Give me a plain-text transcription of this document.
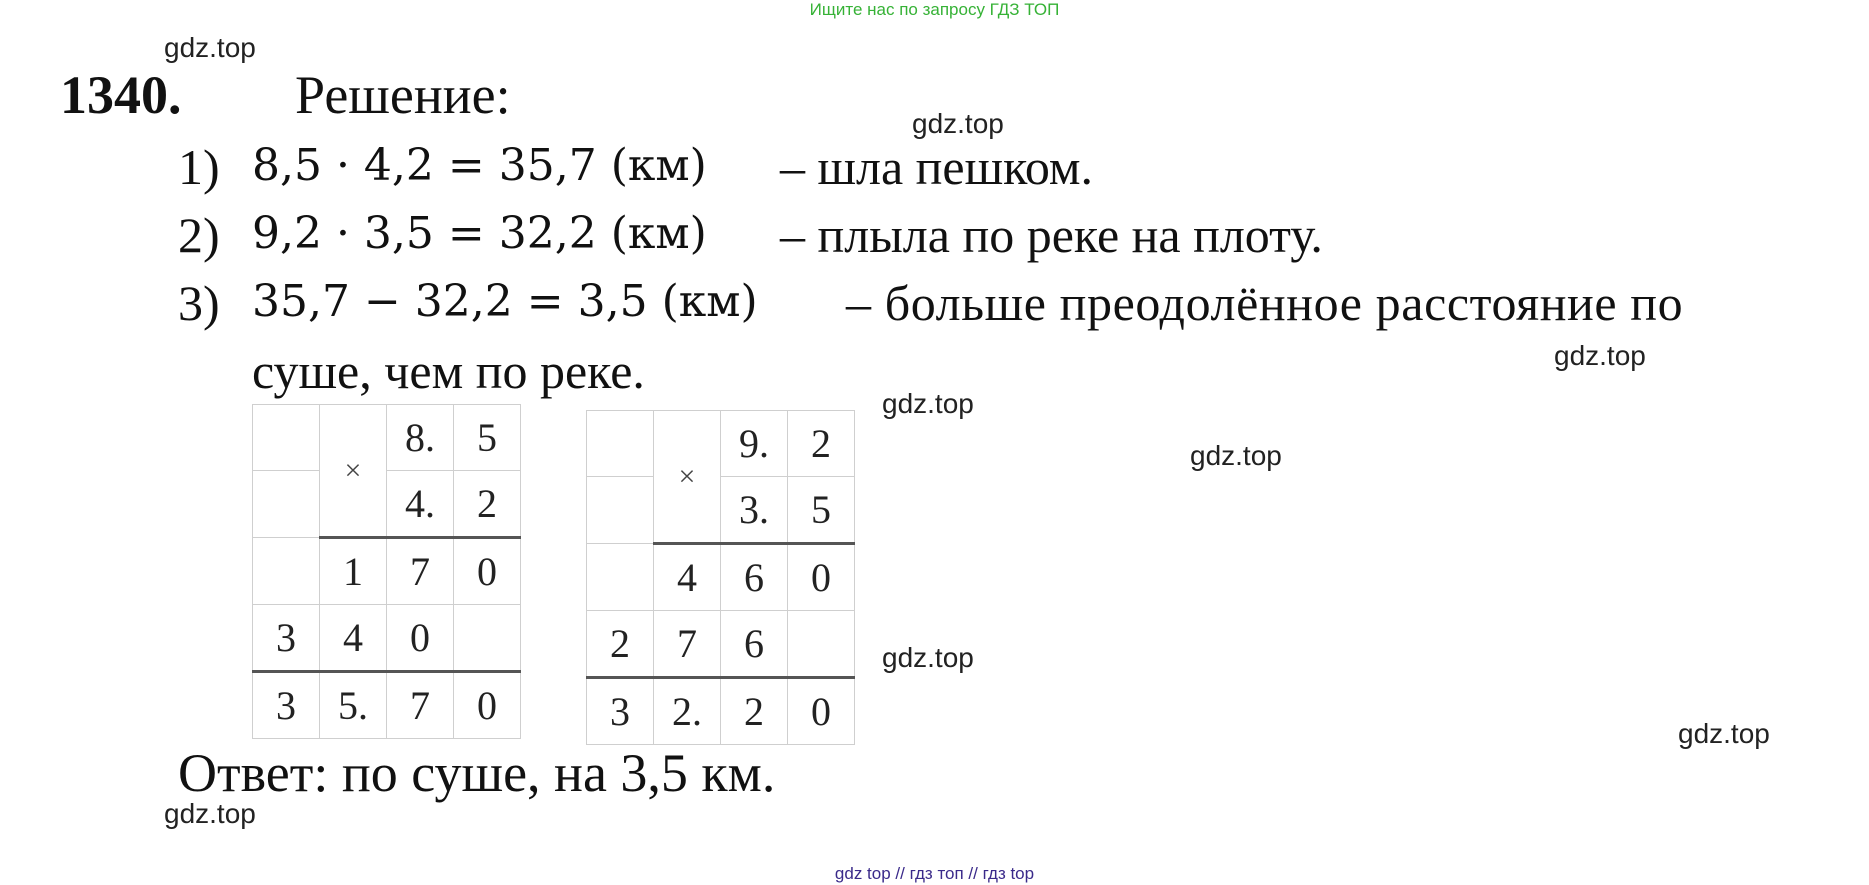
Ищите нас по запросу ГДЗ ТОП
gdz.top
gdz.top
gdz.top
gdz.top
gdz.top
gdz.top
gdz.top
gdz.top
1340. Решение:
1) 8,5 · 4,2 = 35,7 (км) – шла пешком.
2) 9,2 · 3,5 = 32,2 (км) – плыла по реке на плоту.
3) 35,7 − 32,2 = 3,5 (км) – больше преодолённое расстояние по
суше, чем по реке.
	×	8.	5
		4.	2
	1	7	0
3	4	0	
3	5.	7	0
	×	9.	2
		3.	5
	4	6	0
2	7	6	
3	2.	2	0
Ответ: по суше, на 3,5 км.
gdz top // гдз топ // гдз top
